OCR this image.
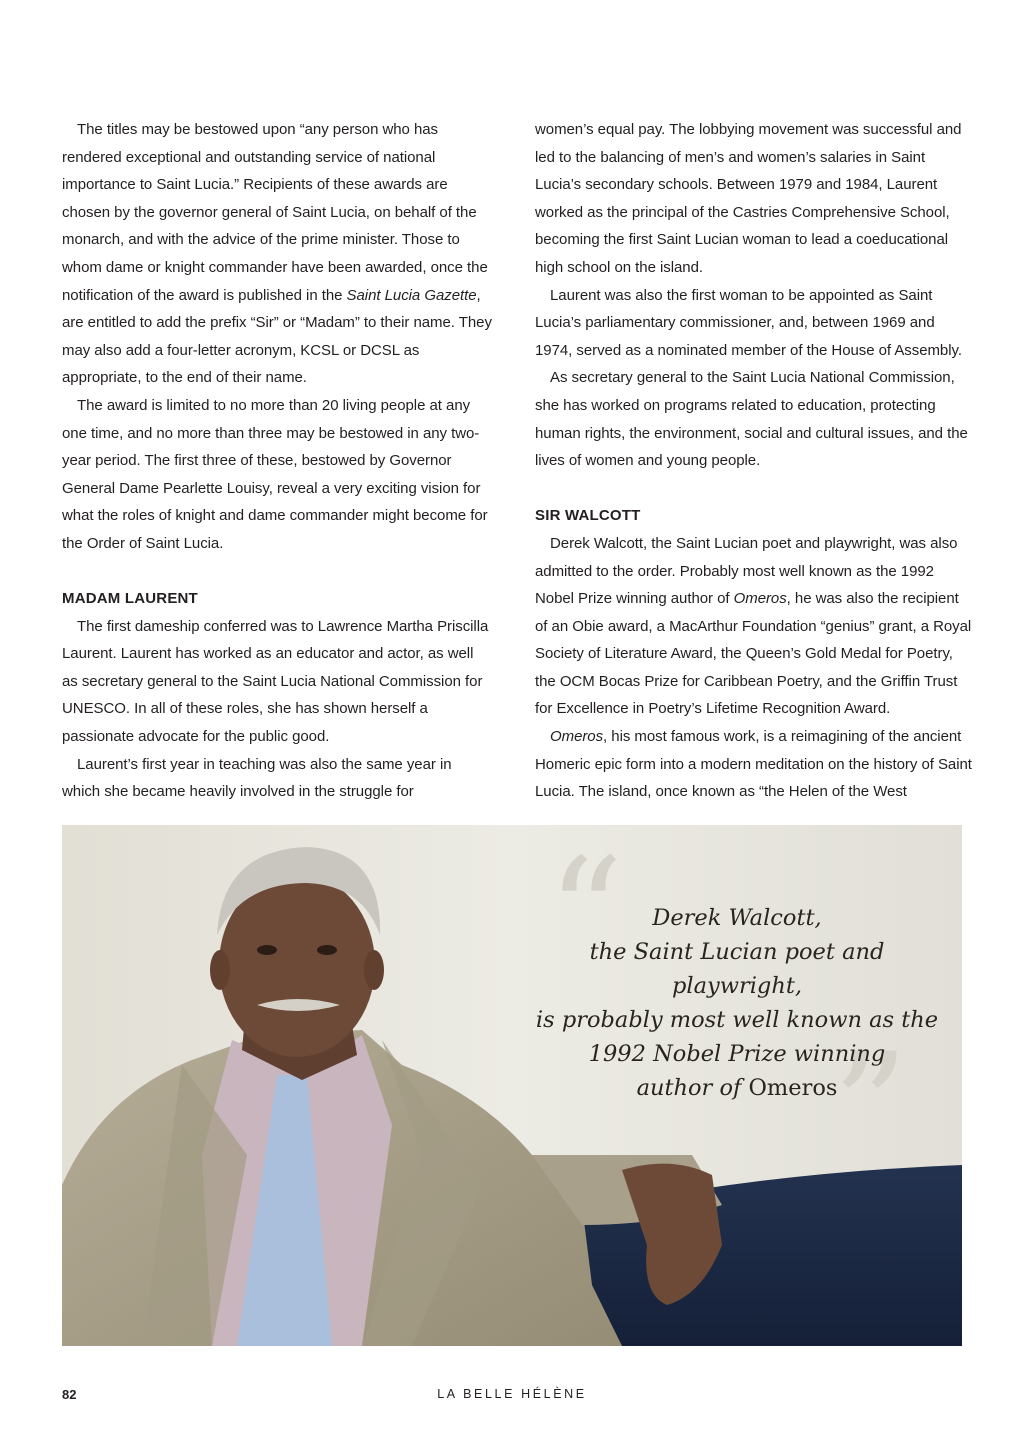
The titles may be bestowed upon “any person who has rendered exceptional and outstanding service of national importance to Saint Lucia.” Recipients of these awards are chosen by the governor general of Saint Lucia, on behalf of the monarch, and with the advice of the prime minister. Those to whom dame or knight commander have been awarded, once the notification of the award is published in the Saint Lucia Gazette, are entitled to add the prefix “Sir” or “Madam” to their name. They may also add a four-letter acronym, KCSL or DCSL as appropriate, to the end of their name.

The award is limited to no more than 20 living people at any one time, and no more than three may be bestowed in any two-year period. The first three of these, bestowed by Governor General Dame Pearlette Louisy, reveal a very exciting vision for what the roles of knight and dame commander might become for the Order of Saint Lucia.

MADAM LAURENT

The first dameship conferred was to Lawrence Martha Priscilla Laurent. Laurent has worked as an educator and actor, as well as secretary general to the Saint Lucia National Commission for UNESCO. In all of these roles, she has shown herself a passionate advocate for the public good.

Laurent’s first year in teaching was also the same year in which she became heavily involved in the struggle for

women’s equal pay. The lobbying movement was successful and led to the balancing of men’s and women’s salaries in Saint Lucia’s secondary schools. Between 1979 and 1984, Laurent worked as the principal of the Castries Comprehensive School, becoming the first Saint Lucian woman to lead a coeducational high school on the island.

Laurent was also the first woman to be appointed as Saint Lucia’s parliamentary commissioner, and, between 1969 and 1974, served as a nominated member of the House of Assembly.

As secretary general to the Saint Lucia National Commission, she has worked on programs related to education, protecting human rights, the environment, social and cultural issues, and the lives of women and young people.

SIR WALCOTT

Derek Walcott, the Saint Lucian poet and playwright, was also admitted to the order. Probably most well known as the 1992 Nobel Prize winning author of Omeros, he was also the recipient of an Obie award, a MacArthur Foundation “genius” grant, a Royal Society of Literature Award, the Queen’s Gold Medal for Poetry, the OCM Bocas Prize for Caribbean Poetry, and the Griffin Trust for Excellence in Poetry’s Lifetime Recognition Award.

Omeros, his most famous work, is a reimagining of the ancient Homeric epic form into a modern meditation on the history of Saint Lucia. The island, once known as “the Helen of the West

“
”
Derek Walcott,
the Saint Lucian poet and playwright,
is probably most well known as the
1992 Nobel Prize winning
author of Omeros
82	LA BELLE HÉLÈNE
